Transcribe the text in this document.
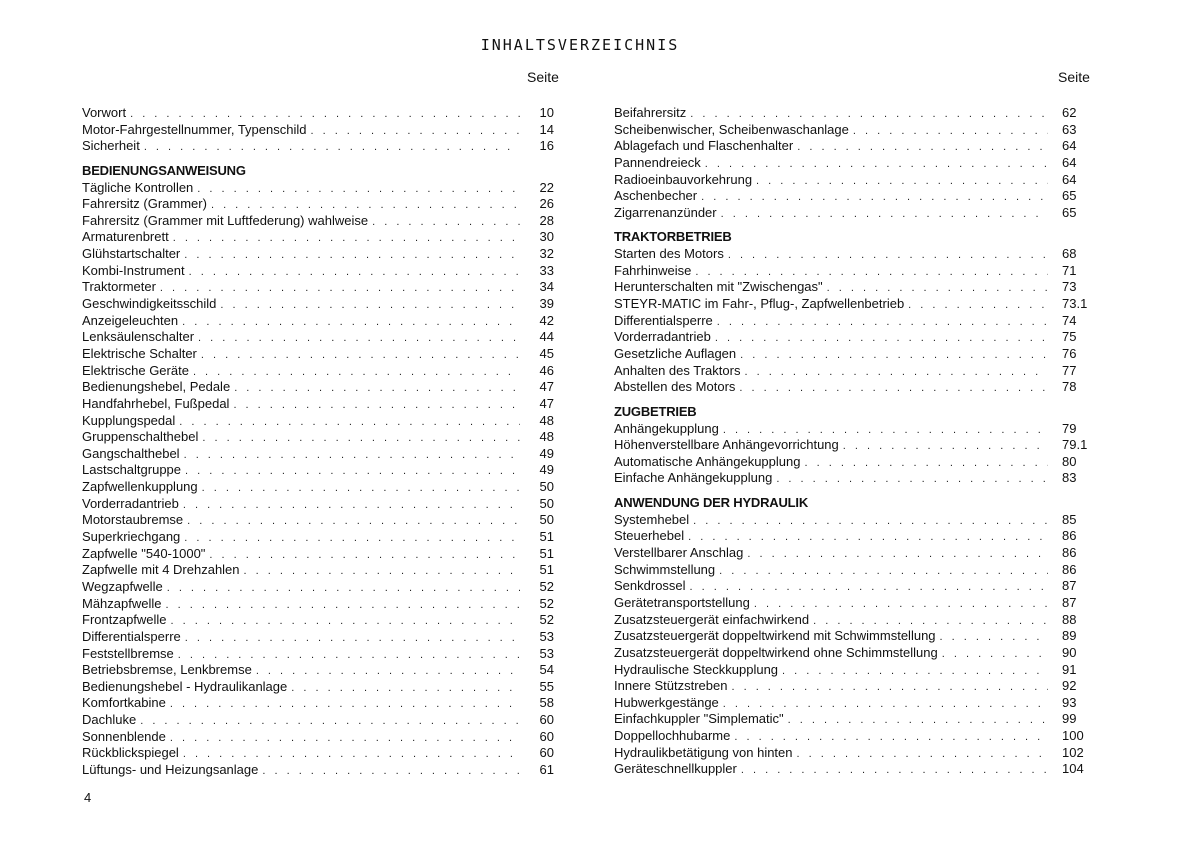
INHALTSVERZEICHNIS
Seite
Vorwort . . .	10
Motor-Fahrgestellnummer, Typenschild . . .	14
Sicherheit . . .	16
BEDIENUNGSANWEISUNG
Tägliche Kontrollen . . .	22
Fahrersitz (Grammer) . . .	26
Fahrersitz (Grammer mit Luftfederung) wahlweise . . .	28
Armaturenbrett . . .	30
Glühstartschalter . . .	32
Kombi-Instrument . . .	33
Traktormeter . . .	34
Geschwindigkeitsschild . . .	39
Anzeigeleuchten . . .	42
Lenksäulenschalter . . .	44
Elektrische Schalter . . .	45
Elektrische Geräte . . .	46
Bedienungshebel, Pedale . . .	47
Handfahrhebel, Fußpedal . . .	47
Kupplungspedal . . .	48
Gruppenschalthebel . . .	48
Gangschalthebel . . .	49
Lastschaltgruppe . . .	49
Zapfwellenkupplung . . .	50
Vorderradantrieb . . .	50
Motorstaubremse . . .	50
Superkriechgang . . .	51
Zapfwelle "540-1000" . . .	51
Zapfwelle mit 4 Drehzahlen . . .	51
Wegzapfwelle . . .	52
Mähzapfwelle . . .	52
Frontzapfwelle . . .	52
Differentialsperre . . .	53
Feststellbremse . . .	53
Betriebsbremse, Lenkbremse . . .	54
Bedienungshebel - Hydraulikanlage . . .	55
Komfortkabine . . .	58
Dachluke . . .	60
Sonnenblende . . .	60
Rückblickspiegel . . .	60
Lüftungs- und Heizungsanlage . . .	61
Seite
Beifahrersitz . . .	62
Scheibenwischer, Scheibenwaschanlage . . .	63
Ablagefach und Flaschenhalter . . .	64
Pannendreieck . . .	64
Radioeinbauvorkehrung . . .	64
Aschenbecher . . .	65
Zigarrenanzünder . . .	65
TRAKTORBETRIEB
Starten des Motors . . .	68
Fahrhinweise . . .	71
Herunterschalten mit "Zwischengas" . . .	73
STEYR-MATIC im Fahr-, Pflug-, Zapfwellenbetrieb . . .	73.1
Differentialsperre . . .	74
Vorderradantrieb . . .	75
Gesetzliche Auflagen . . .	76
Anhalten des Traktors . . .	77
Abstellen des Motors . . .	78
ZUGBETRIEB
Anhängekupplung . . .	79
Höhenverstellbare Anhängevorrichtung . . .	79.1
Automatische Anhängekupplung . . .	80
Einfache Anhängekupplung . . .	83
ANWENDUNG DER HYDRAULIK
Systemhebel . . .	85
Steuerhebel . . .	86
Verstellbarer Anschlag . . .	86
Schwimmstellung . . .	86
Senkdrossel . . .	87
Gerätetransportstellung . . .	87
Zusatzsteuergerät einfachwirkend . . .	88
Zusatzsteuergerät doppeltwirkend mit Schwimmstellung . . .	89
Zusatzsteuergerät doppeltwirkend ohne Schimmstellung . . .	90
Hydraulische Steckkupplung . . .	91
Innere Stützstreben . . .	92
Hubwerkgestänge . . .	93
Einfachkuppler "Simplematic" . . .	99
Doppellochhubarme . . .	100
Hydraulikbetätigung von hinten . . .	102
Geräteschnellkuppler . . .	104
4
